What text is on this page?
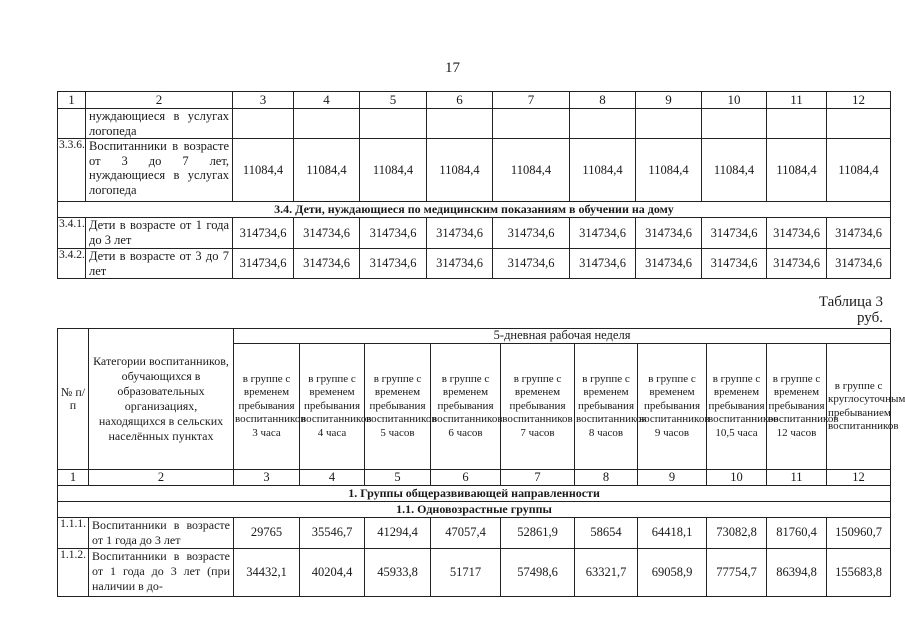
17
1	2	3	4	5	6	7	8	9	10	11	12
	нуждающиеся в услугах логопеда										
3.3.6.	Воспитанники в возрасте от 3 до 7 лет, нуждающиеся в услугах логопеда	11084,4	11084,4	11084,4	11084,4	11084,4	11084,4	11084,4	11084,4	11084,4	11084,4
3.4. Дети, нуждающиеся по медицинским показаниям в обучении на дому											
3.4.1.	Дети в возрасте от 1 года до 3 лет	314734,6	314734,6	314734,6	314734,6	314734,6	314734,6	314734,6	314734,6	314734,6	314734,6
3.4.2.	Дети в возрасте от 3 до 7 лет	314734,6	314734,6	314734,6	314734,6	314734,6	314734,6	314734,6	314734,6	314734,6	314734,6
Таблица 3
руб.
№ п/п	Категории воспитанников, обучающихся в образовательных организациях, находящихся в сельских населённых пунктах	5-дневная рабочая неделя									
		в группе с временем пребывания воспитанников 3 часа	в группе с временем пребывания воспитанников 4 часа	в группе с временем пребывания воспитанников 5 часов	в группе с временем пребывания воспитанников 6 часов	в группе с временем пребывания воспитанников 7 часов	в группе с временем пребывания воспитанников 8 часов	в группе с временем пребывания воспитанников 9 часов	в группе с временем пребывания воспитанников 10,5 часа	в группе с временем пребывания воспитанников 12 часов	в группе с круглосуточным пребыванием воспитанников
1	2	3	4	5	6	7	8	9	10	11	12
1. Группы общеразвивающей направленности											
1.1. Одновозрастные группы											
1.1.1.	Воспитанники в возрасте от 1 года до 3 лет	29765	35546,7	41294,4	47057,4	52861,9	58654	64418,1	73082,8	81760,4	150960,7
1.1.2.	Воспитанники в возрасте от 1 года до 3 лет (при наличии в до-	34432,1	40204,4	45933,8	51717	57498,6	63321,7	69058,9	77754,7	86394,8	155683,8
